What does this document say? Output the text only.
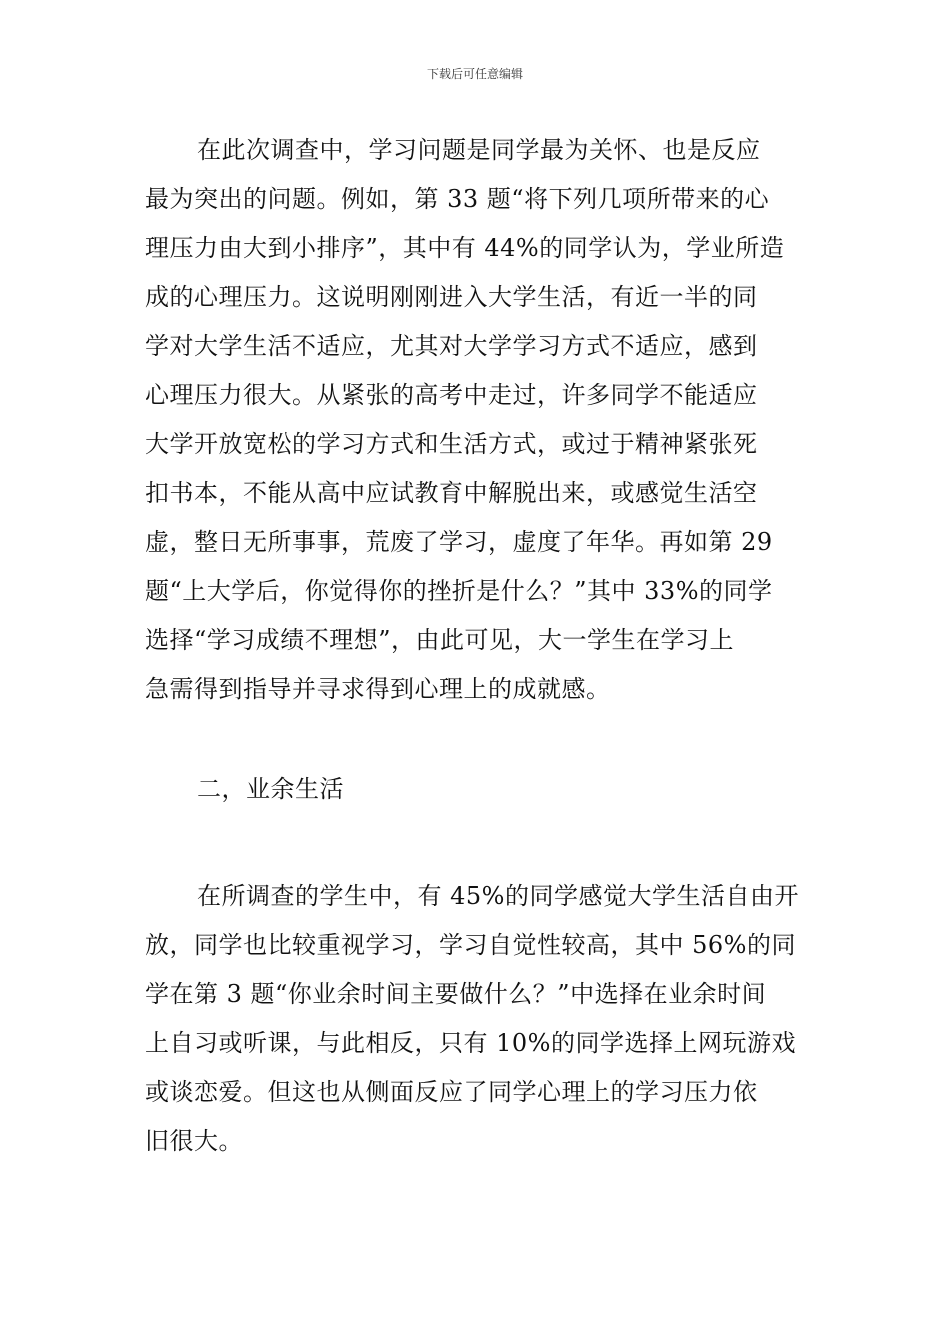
下载后可任意编辑
在此次调查中，学习问题是同学最为关怀、也是反应
最为突出的问题。例如，第 33 题“将下列几项所带来的心
理压力由大到小排序”，其中有 44%的同学认为，学业所造
成的心理压力。这说明刚刚进入大学生活，有近一半的同
学对大学生活不适应，尤其对大学学习方式不适应，感到
心理压力很大。从紧张的高考中走过，许多同学不能适应
大学开放宽松的学习方式和生活方式，或过于精神紧张死
扣书本，不能从高中应试教育中解脱出来，或感觉生活空
虚，整日无所事事，荒废了学习，虚度了年华。再如第 29
题“上大学后，你觉得你的挫折是什么？”其中 33%的同学
选择“学习成绩不理想”，由此可见，大一学生在学习上
急需得到指导并寻求得到心理上的成就感。

二，业余生活

在所调查的学生中，有 45%的同学感觉大学生活自由开
放，同学也比较重视学习，学习自觉性较高，其中 56%的同
学在第 3 题“你业余时间主要做什么？”中选择在业余时间
上自习或听课，与此相反，只有 10%的同学选择上网玩游戏
或谈恋爱。但这也从侧面反应了同学心理上的学习压力依
旧很大。
